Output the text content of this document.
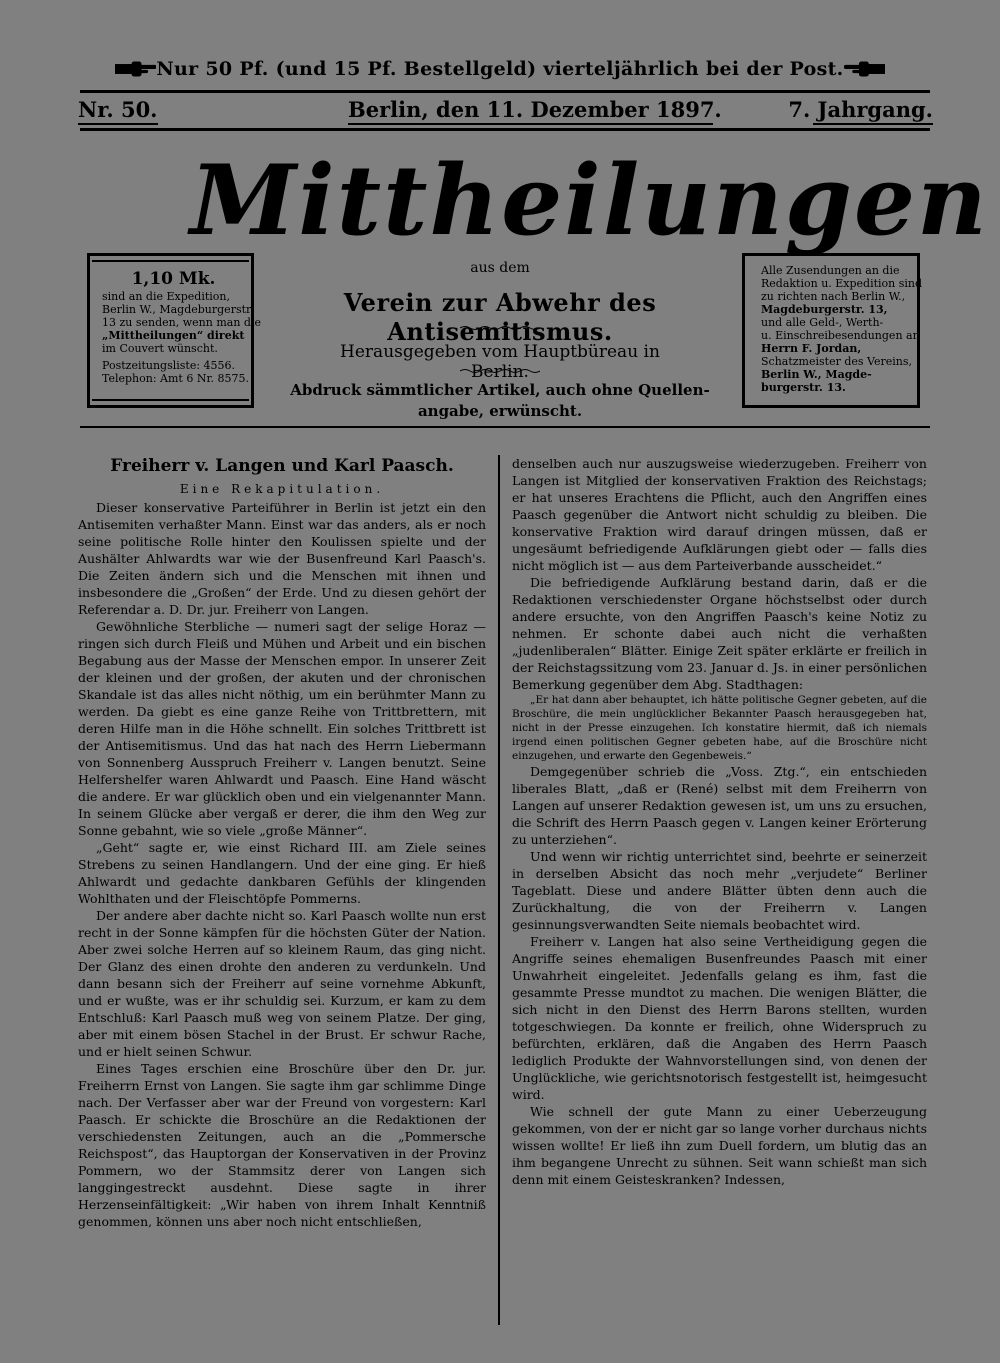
Nur 50 Pf. (und 15 Pf. Bestellgeld) vierteljährlich bei der Post.
Nr. 50.	Berlin, den 11. Dezember 1897.	7. Jahrgang.
Mittheilungen
aus dem
Verein zur Abwehr des Antisemitismus.
Herausgegeben vom Hauptbüreau in Berlin.
Abdruck sämmtlicher Artikel, auch ohne Quellen-angabe, erwünscht.
1,10 Mk.
sind an die Expedition,
Berlin W., Magdeburgerstr.
13 zu senden, wenn man die
„Mittheilungen“ direkt
im Couvert wünscht.
Postzeitungsliste: 4556.
Telephon: Amt 6 Nr. 8575.
Alle Zusendungen an die
Redaktion u. Expedition sind
zu richten nach Berlin W.,
Magdeburgerstr. 13,
und alle Geld-, Werth-
u. Einschreibesendungen an
Herrn F. Jordan,
Schatzmeister des Vereins,
Berlin W., Magde-
burgerstr. 13.
Freiherr v. Langen und Karl Paasch.
Eine Rekapitulation.

Dieser konservative Parteiführer in Berlin ist jetzt ein den Antisemiten verhaßter Mann. Einst war das anders, als er noch seine politische Rolle hinter den Koulissen spielte und der Aushälter Ahlwardts war wie der Busenfreund Karl Paasch's. Die Zeiten ändern sich und die Menschen mit ihnen und insbesondere die „Großen“ der Erde. Und zu diesen gehört der Referendar a. D. Dr. jur. Freiherr von Langen.

Gewöhnliche Sterbliche — numeri sagt der selige Horaz — ringen sich durch Fleiß und Mühen und Arbeit und ein bischen Begabung aus der Masse der Menschen empor. In unserer Zeit der kleinen und der großen, der akuten und der chronischen Skandale ist das alles nicht nöthig, um ein berühmter Mann zu werden. Da giebt es eine ganze Reihe von Trittbrettern, mit deren Hilfe man in die Höhe schnellt. Ein solches Trittbrett ist der Antisemitismus. Und das hat nach des Herrn Liebermann von Sonnenberg Ausspruch Freiherr v. Langen benutzt. Seine Helfershelfer waren Ahlwardt und Paasch. Eine Hand wäscht die andere. Er war glücklich oben und ein vielgenannter Mann. In seinem Glücke aber vergaß er derer, die ihm den Weg zur Sonne gebahnt, wie so viele „große Männer“.

„Geht“ sagte er, wie einst Richard III. am Ziele seines Strebens zu seinen Handlangern. Und der eine ging. Er hieß Ahlwardt und gedachte dankbaren Gefühls der klingenden Wohlthaten und der Fleischtöpfe Pommerns.

Der andere aber dachte nicht so. Karl Paasch wollte nun erst recht in der Sonne kämpfen für die höchsten Güter der Nation. Aber zwei solche Herren auf so kleinem Raum, das ging nicht. Der Glanz des einen drohte den anderen zu verdunkeln. Und dann besann sich der Freiherr auf seine vornehme Abkunft, und er wußte, was er ihr schuldig sei. Kurzum, er kam zu dem Entschluß: Karl Paasch muß weg von seinem Platze. Der ging, aber mit einem bösen Stachel in der Brust. Er schwur Rache, und er hielt seinen Schwur.

Eines Tages erschien eine Broschüre über den Dr. jur. Freiherrn Ernst von Langen. Sie sagte ihm gar schlimme Dinge nach. Der Verfasser aber war der Freund von vorgestern: Karl Paasch. Er schickte die Broschüre an die Redaktionen der verschiedensten Zeitungen, auch an die „Pommersche Reichspost“, das Hauptorgan der Konservativen in der Provinz Pommern, wo der Stammsitz derer von Langen sich langgingestreckt ausdehnt. Diese sagte in ihrer Herzenseinfältigkeit: „Wir haben von ihrem Inhalt Kenntniß genommen, können uns aber noch nicht entschließen,

denselben auch nur auszugsweise wiederzugeben. Freiherr von Langen ist Mitglied der konservativen Fraktion des Reichstags; er hat unseres Erachtens die Pflicht, auch den Angriffen eines Paasch gegenüber die Antwort nicht schuldig zu bleiben. Die konservative Fraktion wird darauf dringen müssen, daß er ungesäumt befriedigende Aufklärungen giebt oder — falls dies nicht möglich ist — aus dem Parteiverbande ausscheidet.“

Die befriedigende Aufklärung bestand darin, daß er die Redaktionen verschiedenster Organe höchstselbst oder durch andere ersuchte, von den Angriffen Paasch's keine Notiz zu nehmen. Er schonte dabei auch nicht die verhaßten „judenliberalen“ Blätter. Einige Zeit später erklärte er freilich in der Reichstagssitzung vom 23. Januar d. Js. in einer persönlichen Bemerkung gegenüber dem Abg. Stadthagen:

„Er hat dann aber behauptet, ich hätte politische Gegner gebeten, auf die Broschüre, die mein unglücklicher Bekannter Paasch herausgegeben hat, nicht in der Presse einzugehen. Ich konstatire hiermit, daß ich niemals irgend einen politischen Gegner gebeten habe, auf die Broschüre nicht einzugehen, und erwarte den Gegenbeweis.“

Demgegenüber schrieb die „Voss. Ztg.“, ein entschieden liberales Blatt, „daß er (René) selbst mit dem Freiherrn von Langen auf unserer Redaktion gewesen ist, um uns zu ersuchen, die Schrift des Herrn Paasch gegen v. Langen keiner Erörterung zu unterziehen“.

Und wenn wir richtig unterrichtet sind, beehrte er seinerzeit in derselben Absicht das noch mehr „verjudete“ Berliner Tageblatt. Diese und andere Blätter übten denn auch die Zurückhaltung, die von der Freiherrn v. Langen gesinnungsverwandten Seite niemals beobachtet wird.

Freiherr v. Langen hat also seine Vertheidigung gegen die Angriffe seines ehemaligen Busenfreundes Paasch mit einer Unwahrheit eingeleitet. Jedenfalls gelang es ihm, fast die gesammte Presse mundtot zu machen. Die wenigen Blätter, die sich nicht in den Dienst des Herrn Barons stellten, wurden totgeschwiegen. Da konnte er freilich, ohne Widerspruch zu befürchten, erklären, daß die Angaben des Herrn Paasch lediglich Produkte der Wahnvorstellungen sind, von denen der Unglückliche, wie gerichtsnotorisch festgestellt ist, heimgesucht wird.

Wie schnell der gute Mann zu einer Ueberzeugung gekommen, von der er nicht gar so lange vorher durchaus nichts wissen wollte! Er ließ ihn zum Duell fordern, um blutig das an ihm begangene Unrecht zu sühnen. Seit wann schießt man sich denn mit einem Geisteskranken? Indessen,
